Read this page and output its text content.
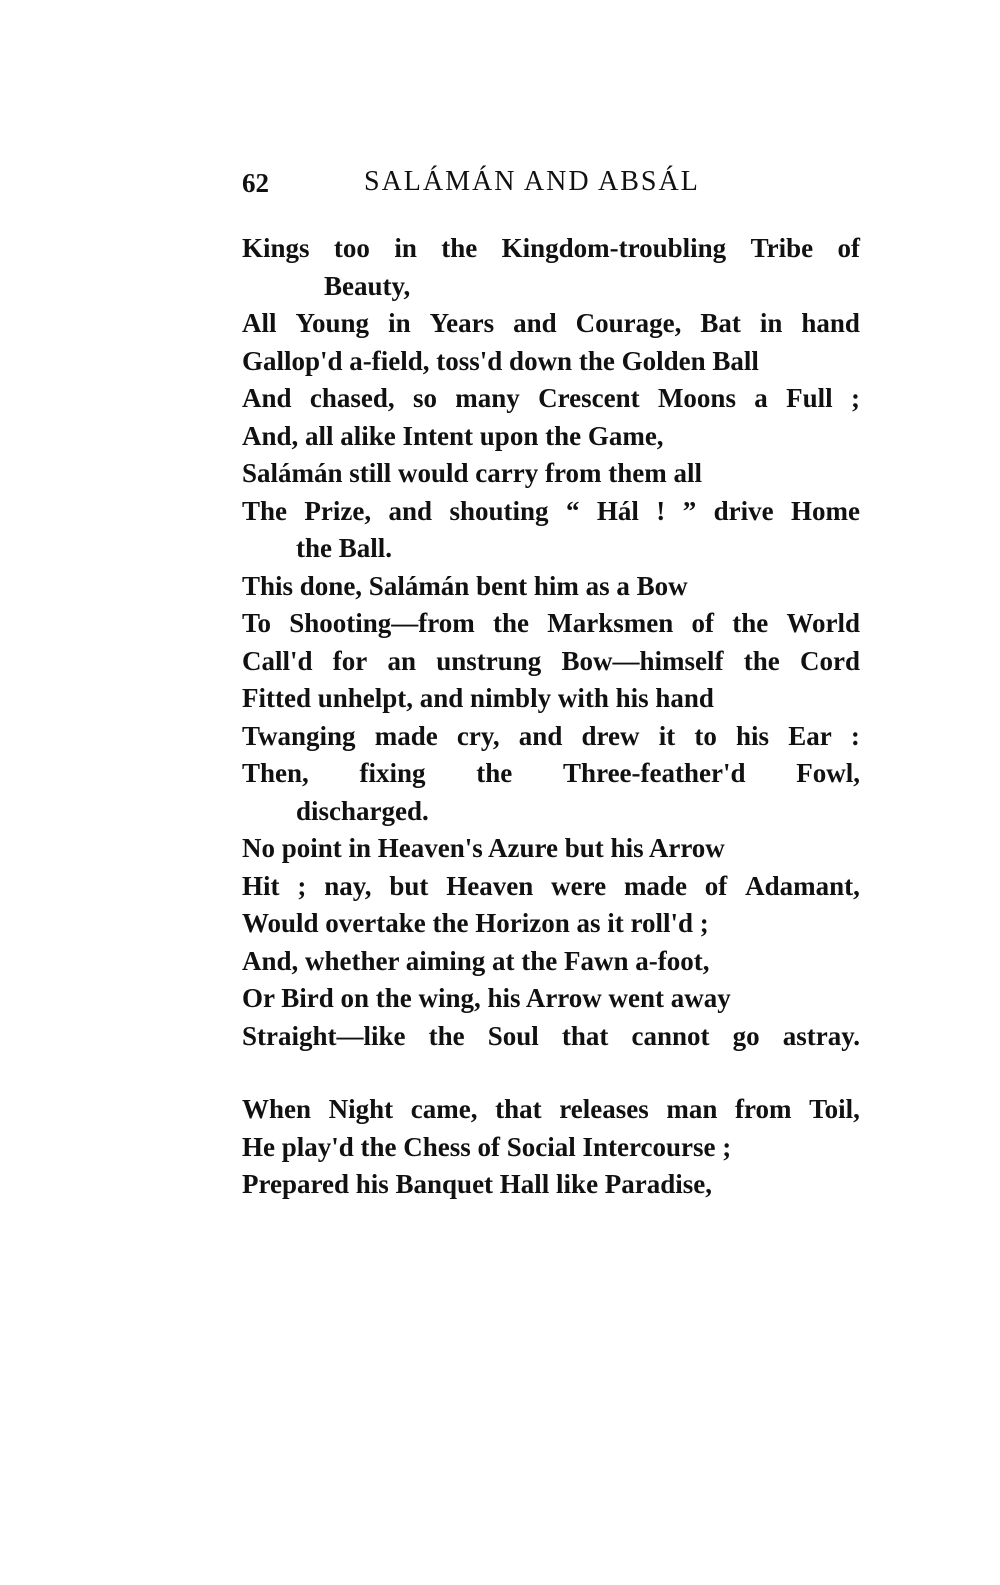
62	SALÁMÁN AND ABSÁL
Kings too in the Kingdom-troubling Tribe of
Beauty,
All Young in Years and Courage, Bat in hand
Gallop'd a-field, toss'd down the Golden Ball
And chased, so many Crescent Moons a Full ;
And, all alike Intent upon the Game,
Salámán still would carry from them all
The Prize, and shouting “ Hál ! ” drive Home
the Ball.
This done, Salámán bent him as a Bow
To Shooting—from the Marksmen of the World
Call'd for an unstrung Bow—himself the Cord
Fitted unhelpt, and nimbly with his hand
Twanging made cry, and drew it to his Ear :
Then, fixing the Three-feather'd Fowl,
discharged.
No point in Heaven's Azure but his Arrow
Hit ; nay, but Heaven were made of Adamant,
Would overtake the Horizon as it roll'd ;
And, whether aiming at the Fawn a-foot,
Or Bird on the wing, his Arrow went away
Straight—like the Soul that cannot go astray.
When Night came, that releases man from Toil,
He play'd the Chess of Social Intercourse ;
Prepared his Banquet Hall like Paradise,
